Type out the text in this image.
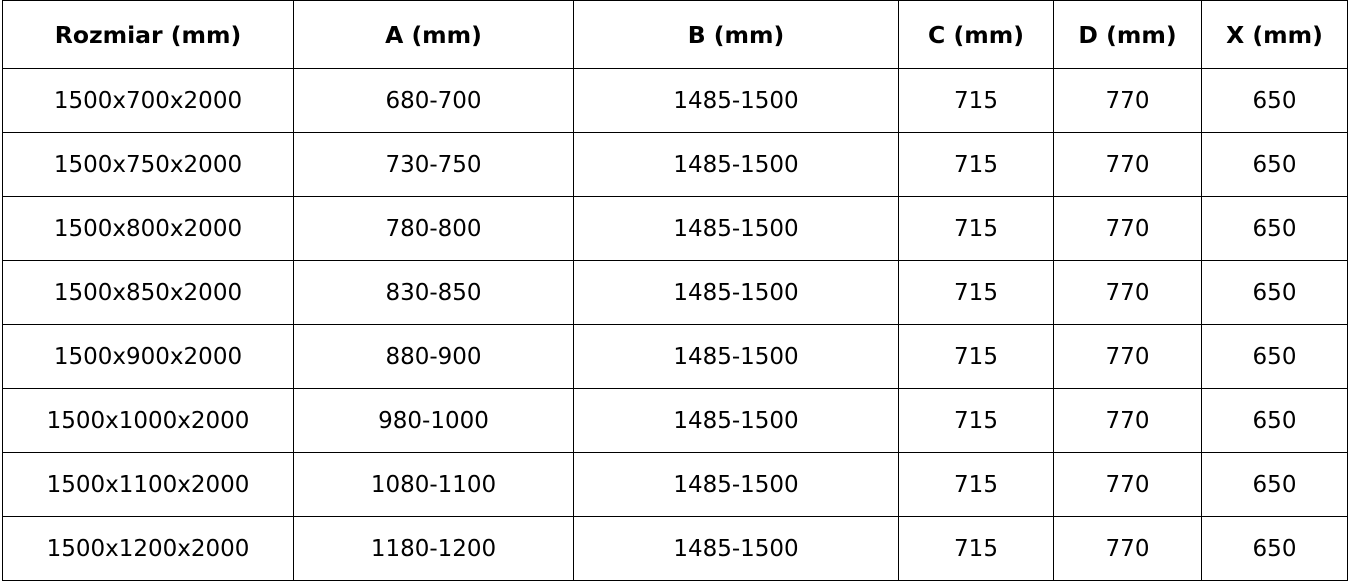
Rozmiar (mm)	A (mm)	B (mm)	C (mm)	D (mm)	X (mm)
1500x700x2000	680-700	1485-1500	715	770	650
1500x750x2000	730-750	1485-1500	715	770	650
1500x800x2000	780-800	1485-1500	715	770	650
1500x850x2000	830-850	1485-1500	715	770	650
1500x900x2000	880-900	1485-1500	715	770	650
1500x1000x2000	980-1000	1485-1500	715	770	650
1500x1100x2000	1080-1100	1485-1500	715	770	650
1500x1200x2000	1180-1200	1485-1500	715	770	650
